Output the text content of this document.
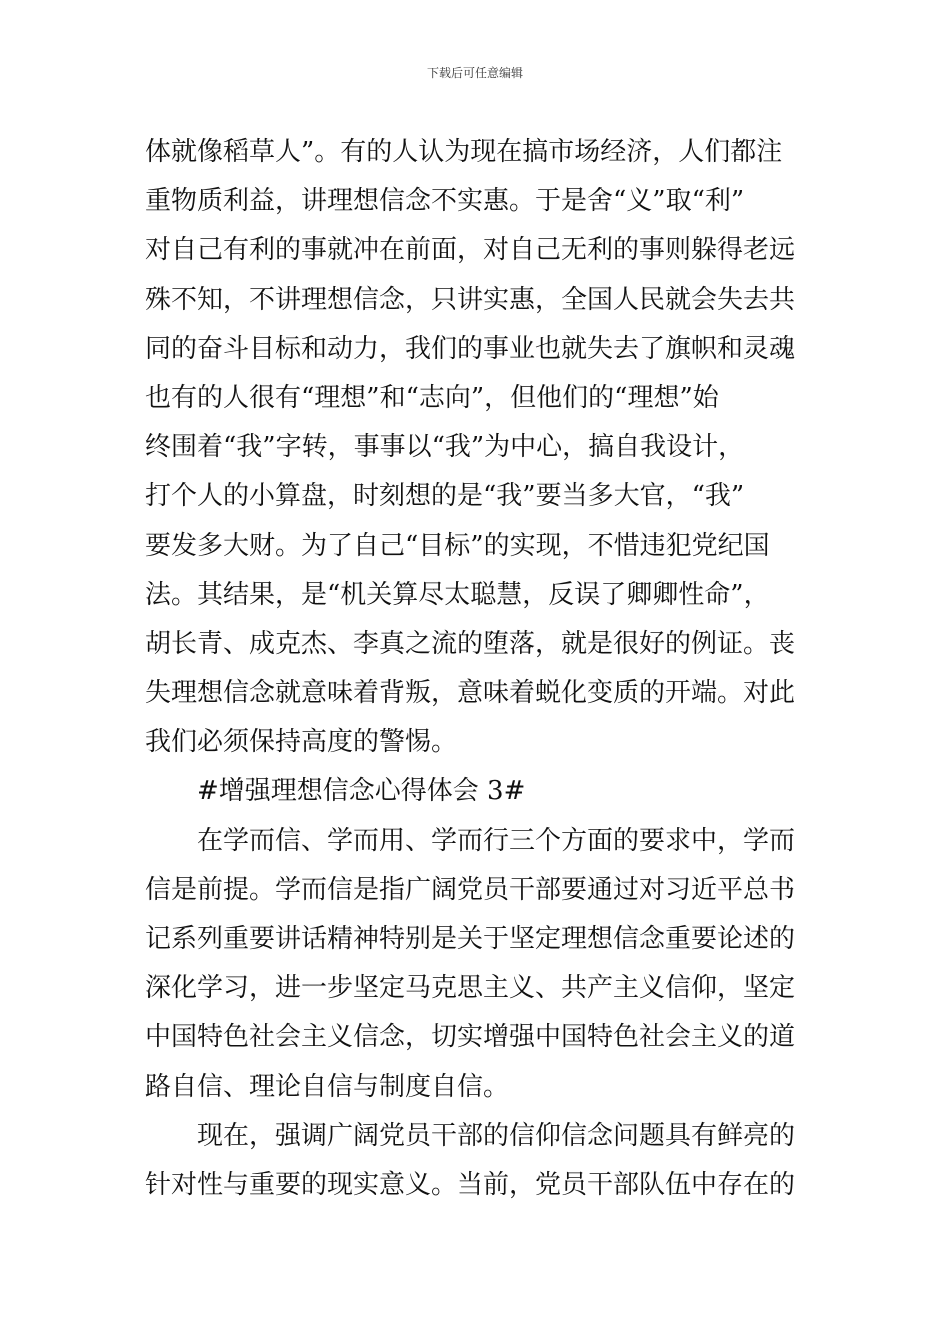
下载后可任意编辑
体就像稻草人”。有的人认为现在搞市场经济，人们都注
重物质利益，讲理想信念不实惠。于是舍“义”取“利”
对自己有利的事就冲在前面，对自己无利的事则躲得老远
殊不知，不讲理想信念，只讲实惠，全国人民就会失去共
同的奋斗目标和动力，我们的事业也就失去了旗帜和灵魂
也有的人很有“理想”和“志向”，但他们的“理想”始
终围着“我”字转，事事以“我”为中心，搞自我设计，
打个人的小算盘，时刻想的是“我”要当多大官，“我”
要发多大财。为了自己“目标”的实现，不惜违犯党纪国
法。其结果，是“机关算尽太聪慧，反误了卿卿性命”，
胡长青、成克杰、李真之流的堕落，就是很好的例证。丧
失理想信念就意味着背叛，意味着蜕化变质的开端。对此
我们必须保持高度的警惕。
#增强理想信念心得体会 3#
在学而信、学而用、学而行三个方面的要求中，学而
信是前提。学而信是指广阔党员干部要通过对习近平总书
记系列重要讲话精神特别是关于坚定理想信念重要论述的
深化学习，进一步坚定马克思主义、共产主义信仰，坚定
中国特色社会主义信念，切实增强中国特色社会主义的道
路自信、理论自信与制度自信。
现在，强调广阔党员干部的信仰信念问题具有鲜亮的
针对性与重要的现实意义。当前，党员干部队伍中存在的
